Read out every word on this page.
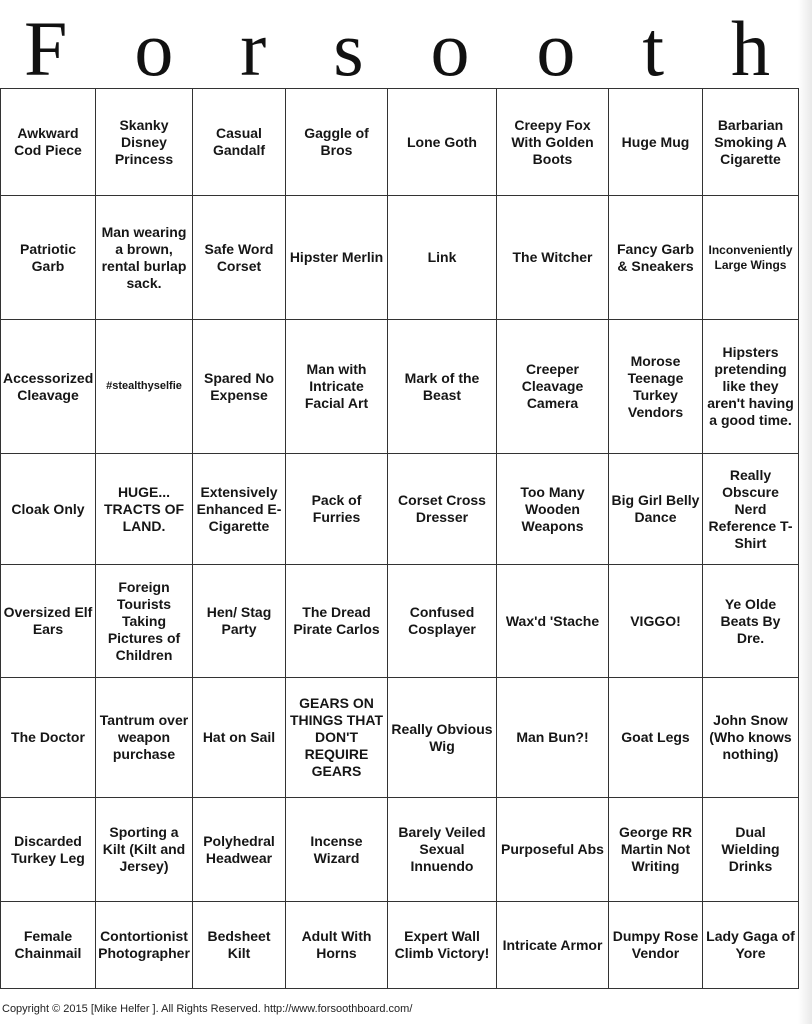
F o r s o o t h
Awkward Cod Piece	Skanky Disney Princess	Casual Gandalf	Gaggle of Bros	Lone Goth	Creepy Fox With Golden Boots	Huge Mug	Barbarian Smoking A Cigarette
Patriotic Garb	Man wearing a brown, rental burlap sack.	Safe Word Corset	Hipster Merlin	Link	The Witcher	Fancy Garb & Sneakers	Inconveniently Large Wings
Accessorized Cleavage	#stealthyselfie	Spared No Expense	Man with Intricate Facial Art	Mark of the Beast	Creeper Cleavage Camera	Morose Teenage Turkey Vendors	Hipsters pretending like they aren't having a good time.
Cloak Only	HUGE... TRACTS OF LAND.	Extensively Enhanced E-Cigarette	Pack of Furries	Corset Cross Dresser	Too Many Wooden Weapons	Big Girl Belly Dance	Really Obscure Nerd Reference T-Shirt
Oversized Elf Ears	Foreign Tourists Taking Pictures of Children	Hen/ Stag Party	The Dread Pirate Carlos	Confused Cosplayer	Wax'd 'Stache	VIGGO!	Ye Olde Beats By Dre.
The Doctor	Tantrum over weapon purchase	Hat on Sail	GEARS ON THINGS THAT DON'T REQUIRE GEARS	Really Obvious Wig	Man Bun?!	Goat Legs	John Snow (Who knows nothing)
Discarded Turkey Leg	Sporting a Kilt (Kilt and Jersey)	Polyhedral Headwear	Incense Wizard	Barely Veiled Sexual Innuendo	Purposeful Abs	George RR Martin Not Writing	Dual Wielding Drinks
Female Chainmail	Contortionist Photographer	Bedsheet Kilt	Adult With Horns	Expert Wall Climb Victory!	Intricate Armor	Dumpy Rose Vendor	Lady Gaga of Yore
Copyright © 2015 [Mike Helfer ]. All Rights Reserved. http://www.forsoothboard.com/
